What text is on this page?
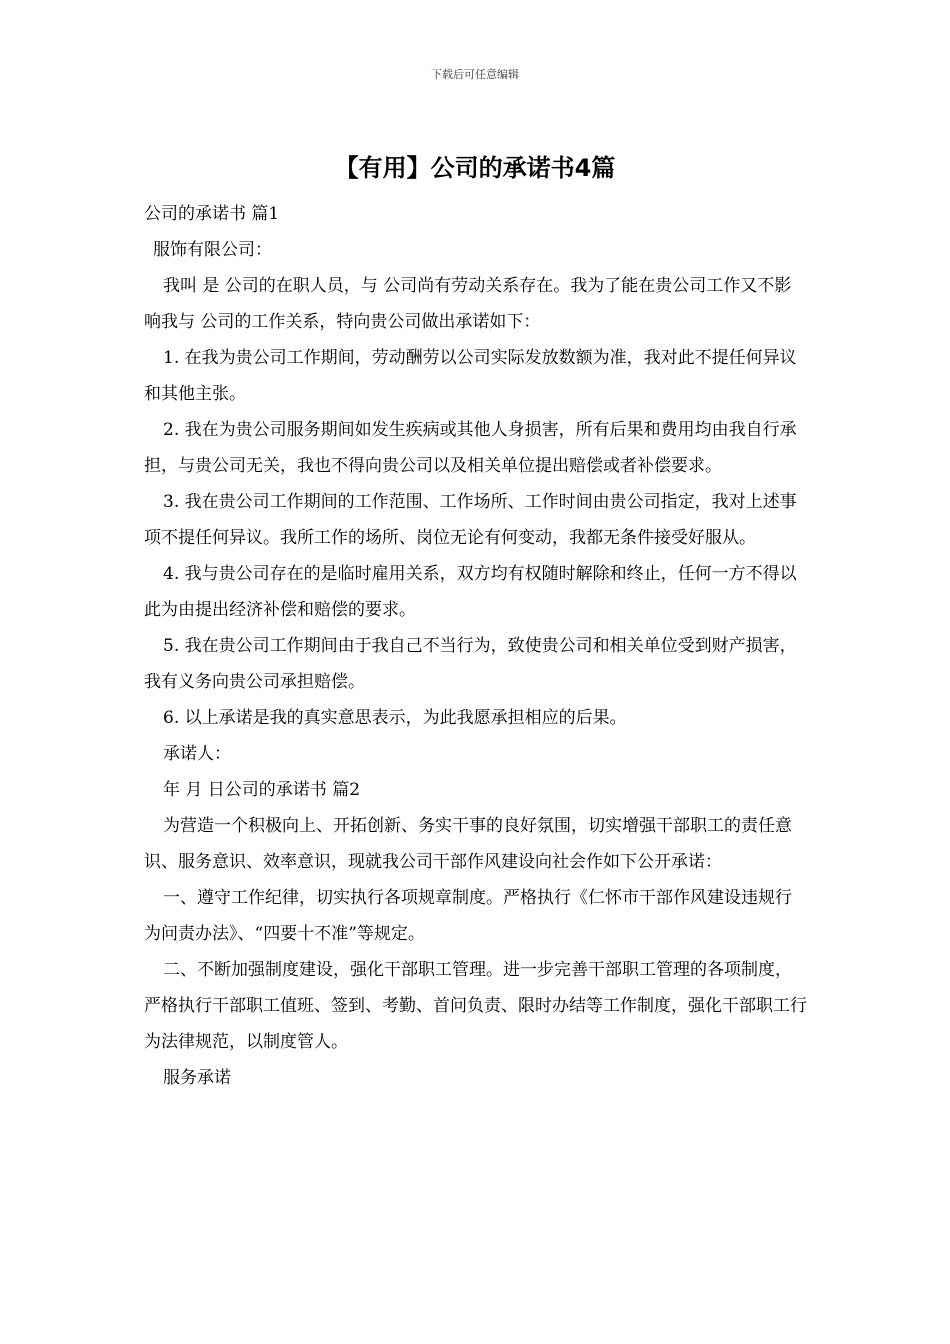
下载后可任意编辑
【有用】公司的承诺书4篇

公司的承诺书 篇1

服饰有限公司：

我叫 是 公司的在职人员，与 公司尚有劳动关系存在。我为了能在贵公司工作又不影响我与 公司的工作关系，特向贵公司做出承诺如下：

1. 在我为贵公司工作期间，劳动酬劳以公司实际发放数额为准，我对此不提任何异议和其他主张。

2. 我在为贵公司服务期间如发生疾病或其他人身损害，所有后果和费用均由我自行承担，与贵公司无关，我也不得向贵公司以及相关单位提出赔偿或者补偿要求。

3. 我在贵公司工作期间的工作范围、工作场所、工作时间由贵公司指定，我对上述事项不提任何异议。我所工作的场所、岗位无论有何变动，我都无条件接受好服从。

4. 我与贵公司存在的是临时雇用关系，双方均有权随时解除和终止，任何一方不得以此为由提出经济补偿和赔偿的要求。

5. 我在贵公司工作期间由于我自己不当行为，致使贵公司和相关单位受到财产损害，我有义务向贵公司承担赔偿。

6. 以上承诺是我的真实意思表示，为此我愿承担相应的后果。

承诺人：

年 月 日公司的承诺书 篇2

为营造一个积极向上、开拓创新、务实干事的良好氛围，切实增强干部职工的责任意识、服务意识、效率意识，现就我公司干部作风建设向社会作如下公开承诺：

一、遵守工作纪律，切实执行各项规章制度。严格执行《仁怀市干部作风建设违规行为问责办法》、“四要十不准”等规定。

二、不断加强制度建设，强化干部职工管理。进一步完善干部职工管理的各项制度，严格执行干部职工值班、签到、考勤、首问负责、限时办结等工作制度，强化干部职工行为法律规范，以制度管人。

服务承诺
